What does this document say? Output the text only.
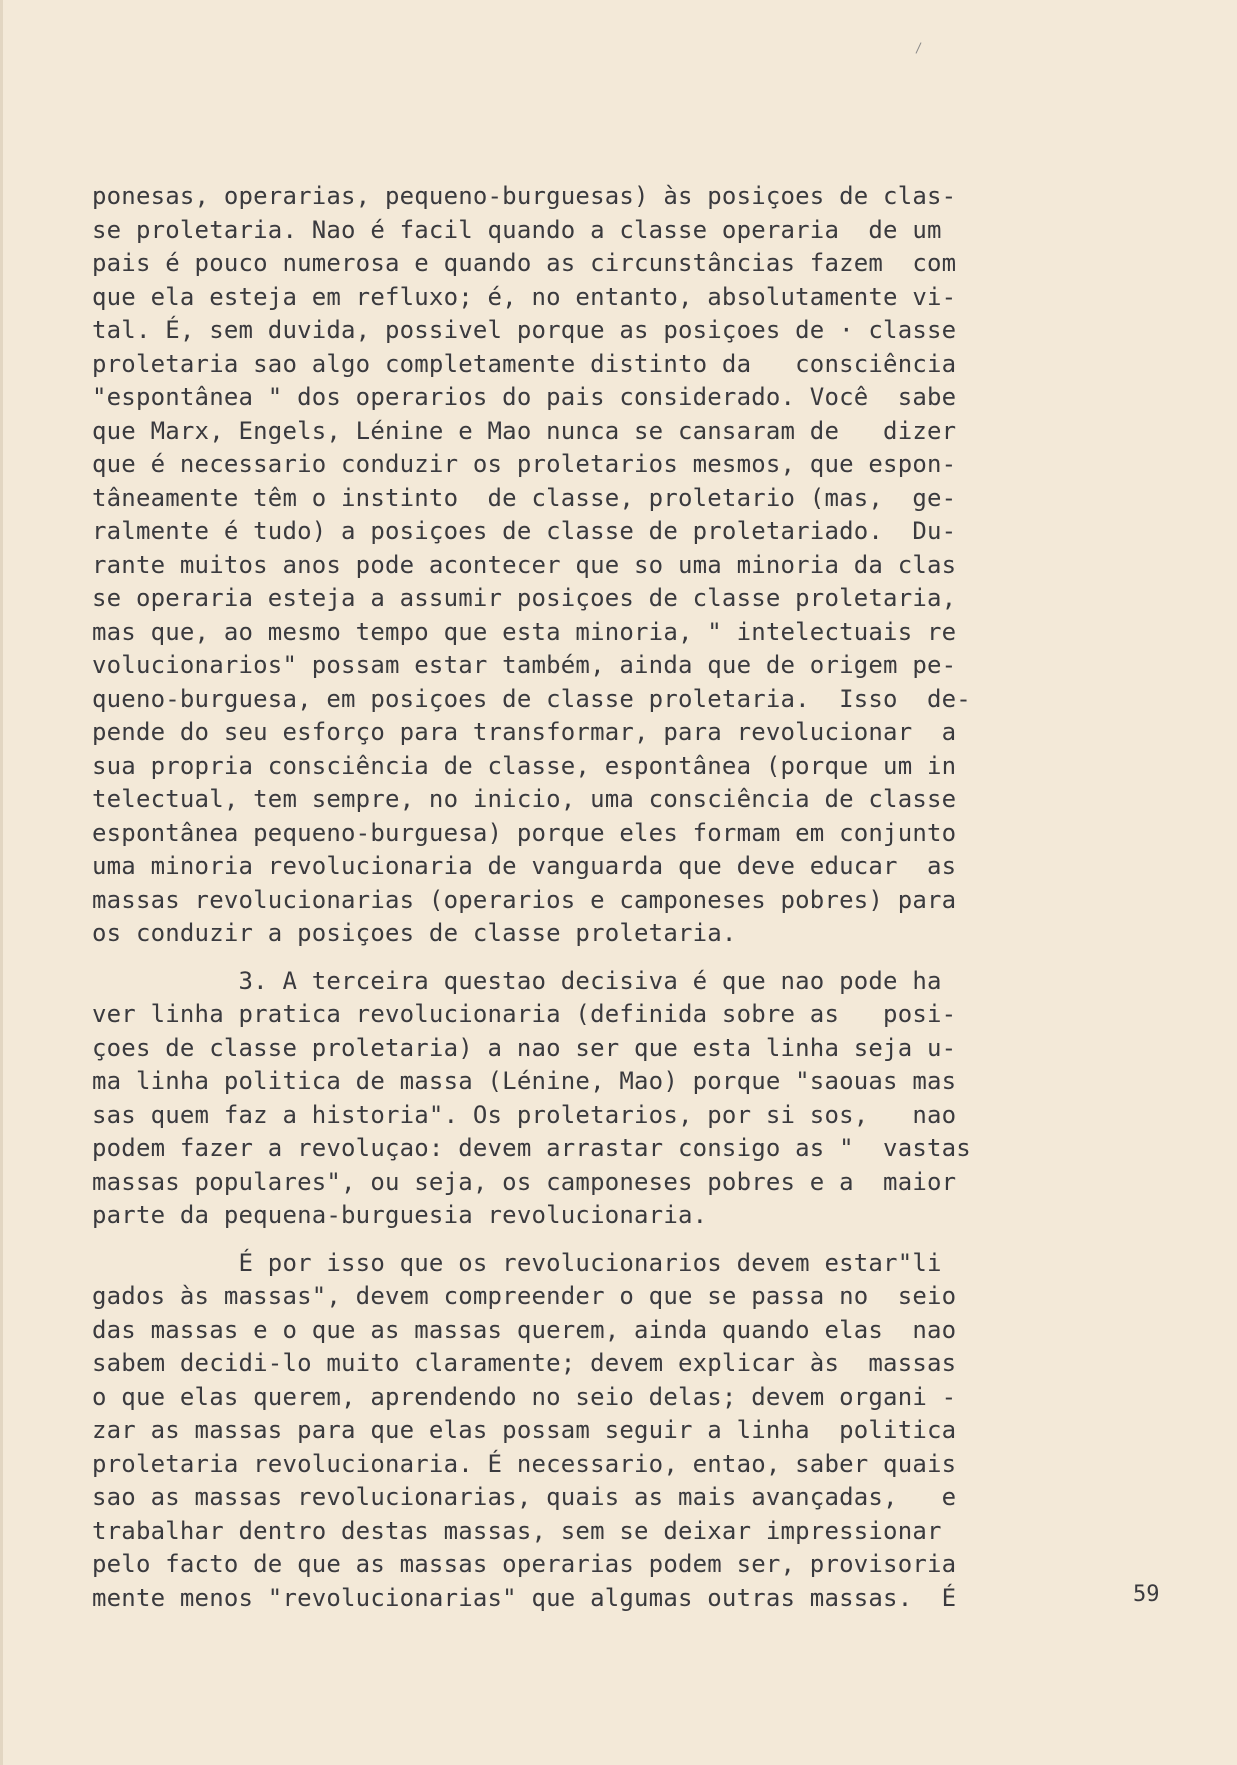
ponesas, operarias, pequeno-burguesas) às posiçoes de clas-
se proletaria. Nao é facil quando a classe operaria  de um
pais é pouco numerosa e quando as circunstâncias fazem  com
que ela esteja em refluxo; é, no entanto, absolutamente vi-
tal. É, sem duvida, possivel porque as posiçoes de · classe
proletaria sao algo completamente distinto da   consciência
"espontânea " dos operarios do pais considerado. Você  sabe
que Marx, Engels, Lénine e Mao nunca se cansaram de   dizer
que é necessario conduzir os proletarios mesmos, que espon-
tâneamente têm o instinto  de classe, proletario (mas,  ge-
ralmente é tudo) a posiçoes de classe de proletariado.  Du-
rante muitos anos pode acontecer que so uma minoria da clas
se operaria esteja a assumir posiçoes de classe proletaria,
mas que, ao mesmo tempo que esta minoria, " intelectuais re
volucionarios" possam estar também, ainda que de origem pe-
queno-burguesa, em posiçoes de classe proletaria.  Isso  de-
pende do seu esforço para transformar, para revolucionar  a
sua propria consciência de classe, espontânea (porque um in
telectual, tem sempre, no inicio, uma consciência de classe
espontânea pequeno-burguesa) porque eles formam em conjunto
uma minoria revolucionaria de vanguarda que deve educar  as
massas revolucionarias (operarios e camponeses pobres) para
os conduzir a posiçoes de classe proletaria.
3. A terceira questao decisiva é que nao pode ha
ver linha pratica revolucionaria (definida sobre as   posi-
çoes de classe proletaria) a nao ser que esta linha seja u-
ma linha politica de massa (Lénine, Mao) porque "saouas mas
sas quem faz a historia". Os proletarios, por si sos,   nao
podem fazer a revoluçao: devem arrastar consigo as "  vastas
massas populares", ou seja, os camponeses pobres e a  maior
parte da pequena-burguesia revolucionaria.
É por isso que os revolucionarios devem estar"li
gados às massas", devem compreender o que se passa no  seio
das massas e o que as massas querem, ainda quando elas  nao
sabem decidi-lo muito claramente; devem explicar às  massas
o que elas querem, aprendendo no seio delas; devem organi -
zar as massas para que elas possam seguir a linha  politica
proletaria revolucionaria. É necessario, entao, saber quais
sao as massas revolucionarias, quais as mais avançadas,   e
trabalhar dentro destas massas, sem se deixar impressionar
pelo facto de que as massas operarias podem ser, provisoria
mente menos "revolucionarias" que algumas outras massas.  É	59
